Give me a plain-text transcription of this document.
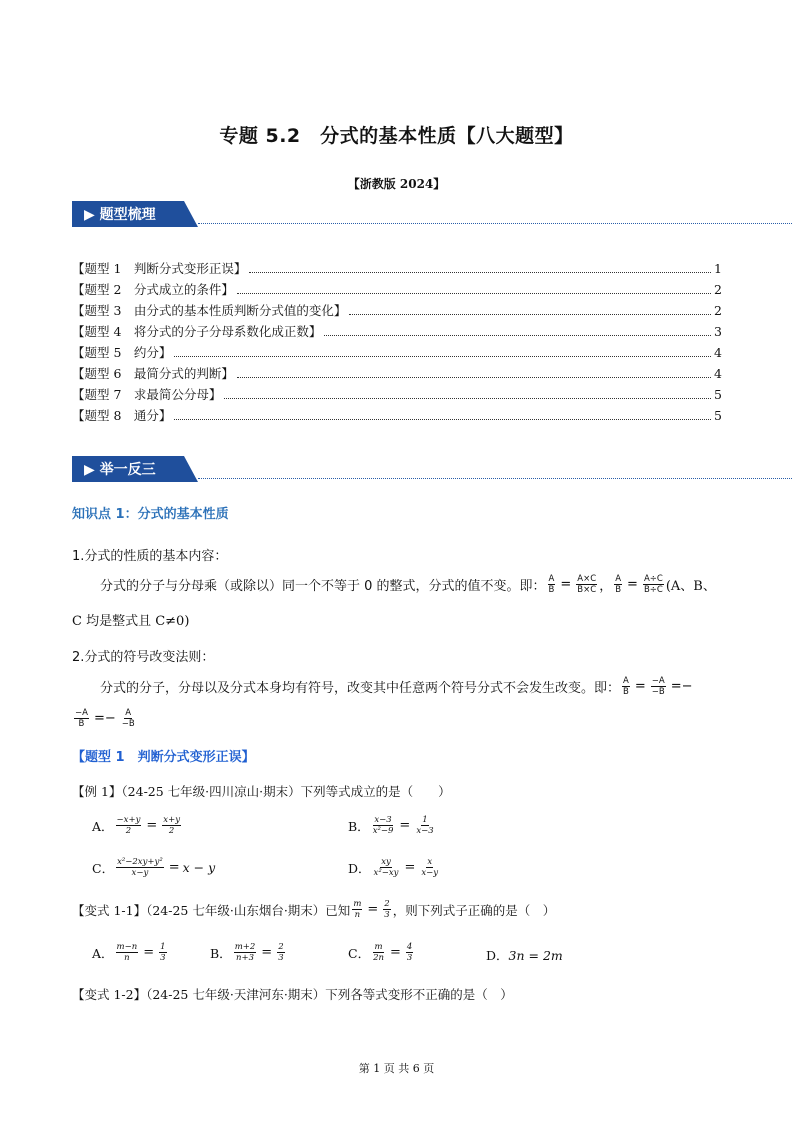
专题 5.2　分式的基本性质【八大题型】
【浙教版 2024】
▶ 题型梳理
【题型 1　判断分式变形正误】	1
【题型 2　分式成立的条件】	2
【题型 3　由分式的基本性质判断分式值的变化】	2
【题型 4　将分式的分子分母系数化成正数】	3
【题型 5　约分】	4
【题型 6　最简分式的判断】	4
【题型 7　求最简公分母】	5
【题型 8　通分】	5
▶ 举一反三
知识点 1：分式的基本性质
1.分式的性质的基本内容：
分式的分子与分母乘（或除以）同一个不等于 0 的整式，分式的值不变。即： $\frac{A}{B} = \frac{A\times C}{B\times C}$ ， $\frac{A}{B} = \frac{A\div C}{B\div C} (A$、B、
C 均是整式且 C≠0)
2.分式的符号改变法则：
分式的分子，分母以及分式本身均有符号，改变其中任意两个符号分式不会发生改变。即： $\frac{A}{B} = \frac{-A}{-B}$ =−
$\frac{-A}{B} =- \frac{A}{-B}$
【题型 1　判断分式变形正误】
【例 1】（24-25 七年级·四川凉山·期末）下列等式成立的是（　　）
A． $\frac{-x+y}{2} = \frac{x+y}{2}$	B． $\frac{x-3}{\text{x²−9}} = \frac{1}{x-3}$
C． $\frac{\text{x²−2xy+y²}}{x-y} = x - y$	D． $\frac{xy}{\text{x²−xy}} = \frac{x}{x-y}$
【变式 1-1】（24-25 七年级·山东烟台·期末）已知 $\frac{m}{n} = \frac{2}{3}$ ，则下列式子正确的是（　）
A． $\frac{m-n}{n} = \frac{1}{3}$	B． $\frac{m+2}{n+3} = \frac{2}{3}$	C． $\frac{m}{2n} = \frac{4}{3}$	D． 3n = 2m
【变式 1-2】（24-25 七年级·天津河东·期末）下列各等式变形不正确的是（　）
第 1 页 共 6 页
